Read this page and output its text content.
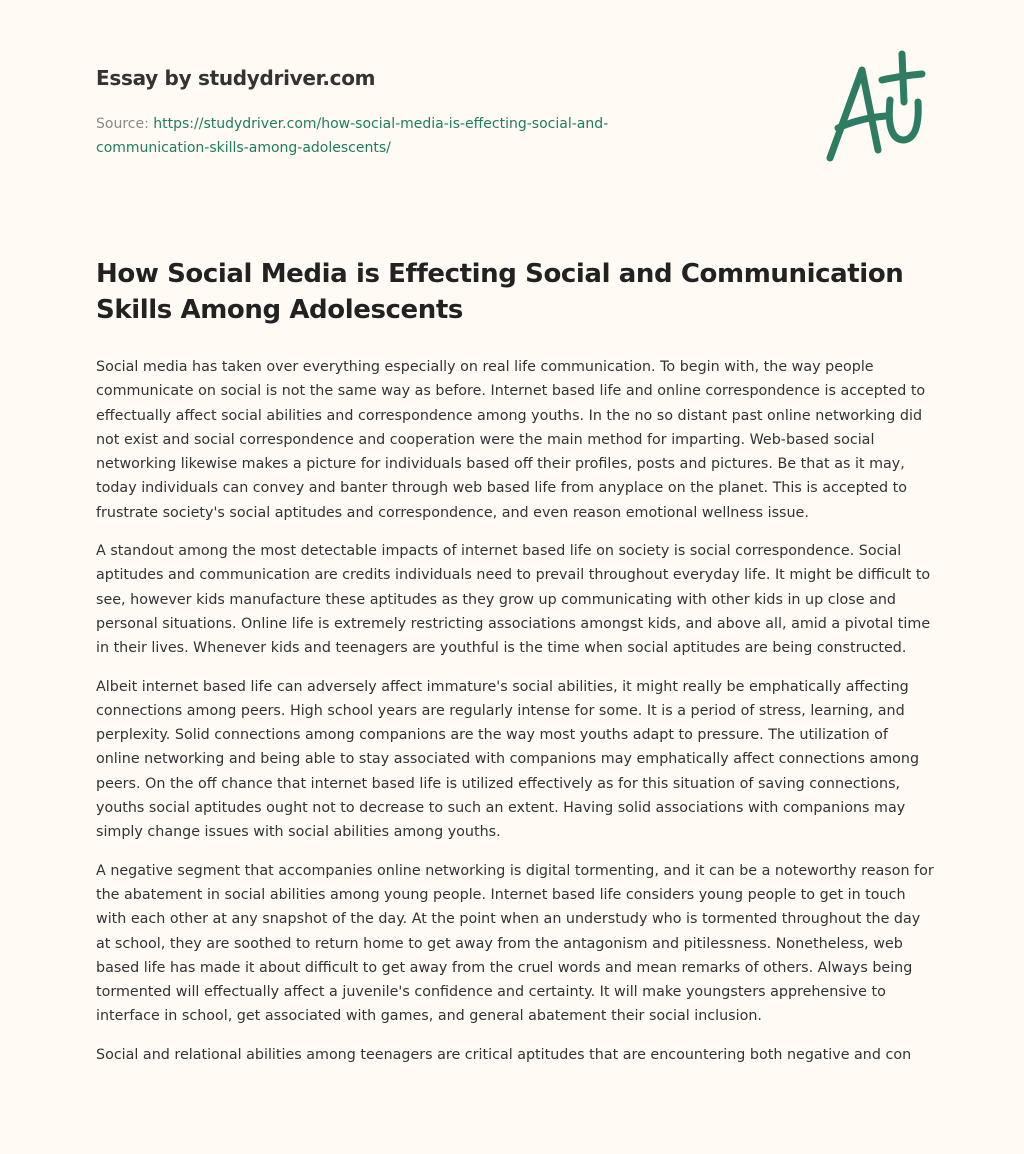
Essay by studydriver.com
Source: https://studydriver.com/how-social-media-is-effecting-social-and-communication-skills-among-adolescents/
How Social Media is Effecting Social and Communication Skills Among Adolescents

Social media has taken over everything especially on real life communication. To begin with, the way people communicate on social is not the same way as before. Internet based life and online correspondence is accepted to effectually affect social abilities and correspondence among youths. In the no so distant past online networking did not exist and social correspondence and cooperation were the main method for imparting. Web-based social networking likewise makes a picture for individuals based off their profiles, posts and pictures. Be that as it may, today individuals can convey and banter through web based life from anyplace on the planet. This is accepted to frustrate society's social aptitudes and correspondence, and even reason emotional wellness issue.

A standout among the most detectable impacts of internet based life on society is social correspondence. Social aptitudes and communication are credits individuals need to prevail throughout everyday life. It might be difficult to see, however kids manufacture these aptitudes as they grow up communicating with other kids in up close and personal situations. Online life is extremely restricting associations amongst kids, and above all, amid a pivotal time in their lives. Whenever kids and teenagers are youthful is the time when social aptitudes are being constructed.

Albeit internet based life can adversely affect immature's social abilities, it might really be emphatically affecting connections among peers. High school years are regularly intense for some. It is a period of stress, learning, and perplexity. Solid connections among companions are the way most youths adapt to pressure. The utilization of online networking and being able to stay associated with companions may emphatically affect connections among peers. On the off chance that internet based life is utilized effectively as for this situation of saving connections, youths social aptitudes ought not to decrease to such an extent. Having solid associations with companions may simply change issues with social abilities among youths.

A negative segment that accompanies online networking is digital tormenting, and it can be a noteworthy reason for the abatement in social abilities among young people. Internet based life considers young people to get in touch with each other at any snapshot of the day. At the point when an understudy who is tormented throughout the day at school, they are soothed to return home to get away from the antagonism and pitilessness. Nonetheless, web based life has made it about difficult to get away from the cruel words and mean remarks of others. Always being tormented will effectually affect a juvenile's confidence and certainty. It will make youngsters apprehensive to interface in school, get associated with games, and general abatement their social inclusion.

Social and relational abilities among teenagers are critical aptitudes that are encountering both negative and con
